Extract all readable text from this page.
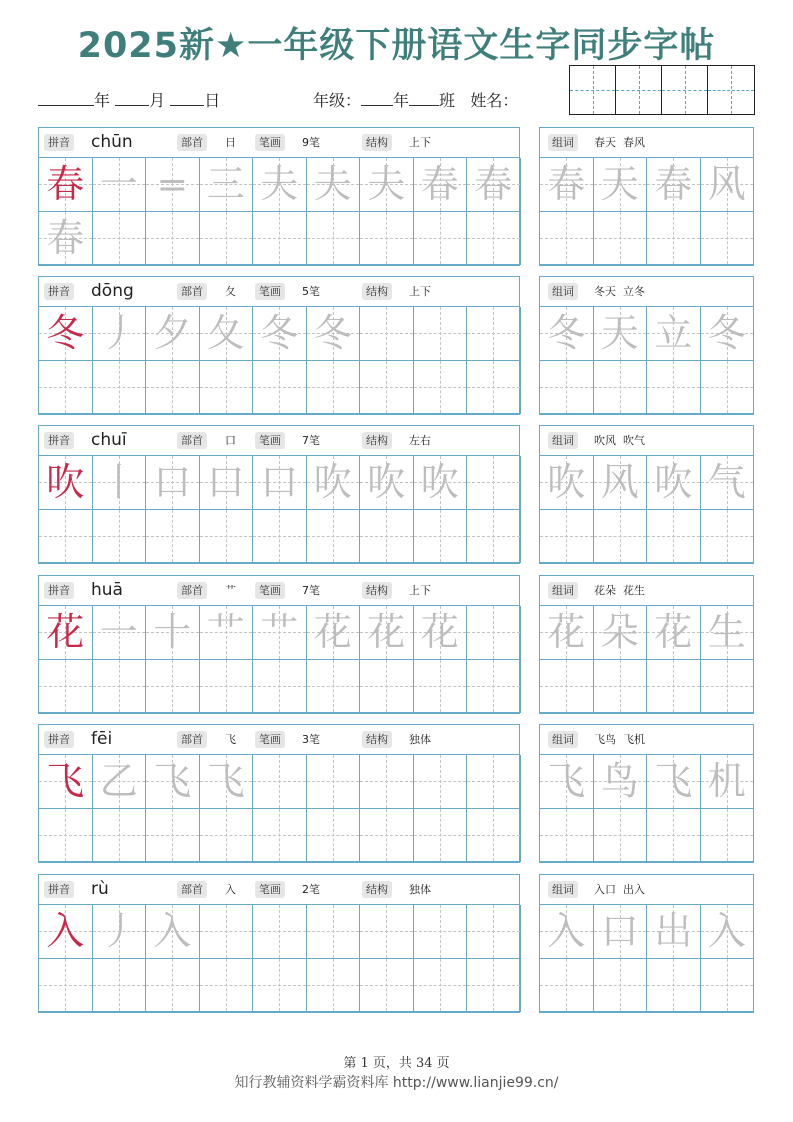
2025新★一年级下册语文生字同步字帖
年 月 日	年级： 年 班 姓名：
拼音 chūn	部首	日	笔画	9笔	结构	上下
春 一 = 三 夫 夫 夫 春 春
春
组词	春天  春风
春 天 春 风
拼音 dōng	部首	夂	笔画	5笔	结构	上下
冬 丿 夕 夂 冬 冬
组词	冬天  立冬
冬 天 立 冬
拼音 chuī	部首	口	笔画	7笔	结构	左右
吹 丨 口 口 口 吹 吹 吹
组词	吹风  吹气
吹 风 吹 气
拼音 huā	部首	艹	笔画	7笔	结构	上下
花 一 十 艹 艹 花 花 花
组词	花朵  花生
花 朵 花 生
拼音 fēi	部首	飞	笔画	3笔	结构	独体
飞 乙 飞 飞
组词	飞鸟  飞机
飞 鸟 飞 机
拼音 rù	部首	入	笔画	2笔	结构	独体
入 丿 入
组词	入口  出入
入 口 出 入
第 1 页，共 34 页
知行教辅资料学霸资料库 http://www.lianjie99.cn/
